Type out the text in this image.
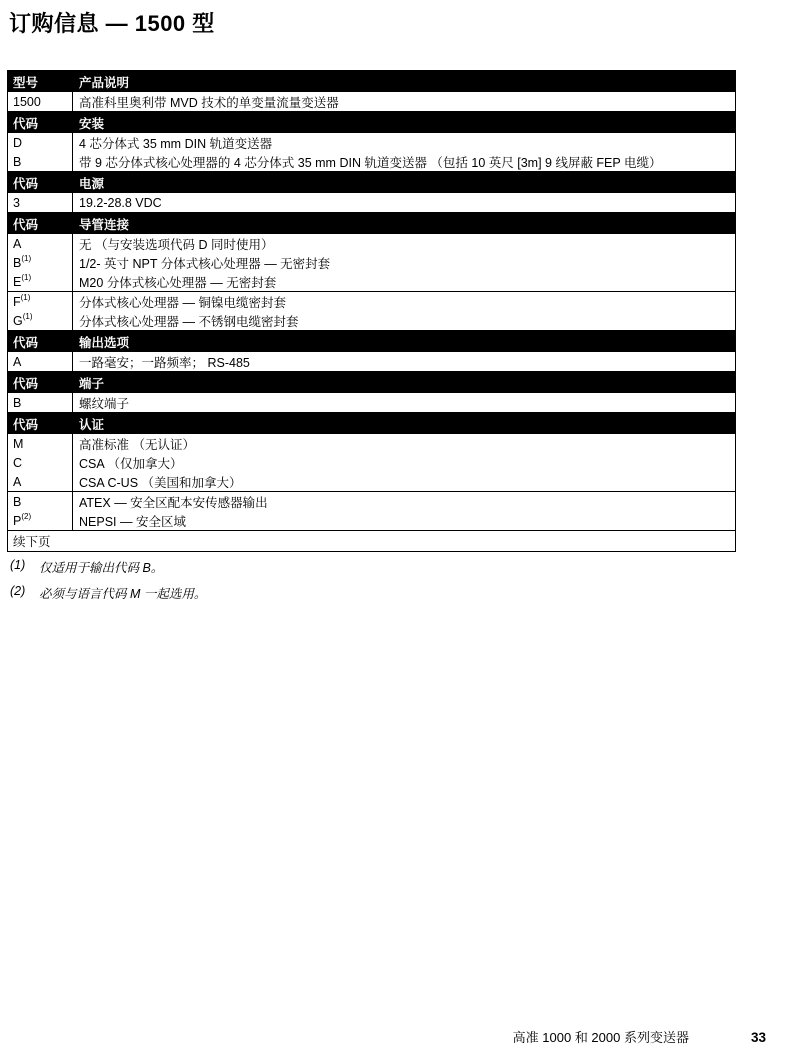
订购信息 — 1500 型
型号	产品说明
1500	高准科里奥利带 MVD 技术的单变量流量变送器
代码	安装
D	4 芯分体式 35 mm DIN 轨道变送器
B	带 9 芯分体式核心处理器的 4 芯分体式 35 mm DIN 轨道变送器 （包括 10 英尺 [3m] 9 线屏蔽 FEP 电缆）
代码	电源
3	19.2-28.8 VDC
代码	导管连接
A	无 （与安装选项代码 D 同时使用）
B (1)	1/2- 英寸 NPT 分体式核心处理器 — 无密封套
E (1)	M20 分体式核心处理器 — 无密封套
F (1)	分体式核心处理器 — 铜镍电缆密封套
G (1)	分体式核心处理器 — 不锈钢电缆密封套
代码	输出选项
A	一路毫安；一路频率； RS-485
代码	端子
B	螺纹端子
代码	认证
M	高准标准 （无认证）
C	CSA （仅加拿大）
A	CSA C-US （美国和加拿大）
B	ATEX — 安全区配本安传感器输出
P (2)	NEPSI — 安全区域
续下页
(1)	仅适用于输出代码 B。
(2)	必须与语言代码 M 一起选用。
高准 1000 和 2000 系列变送器	33
